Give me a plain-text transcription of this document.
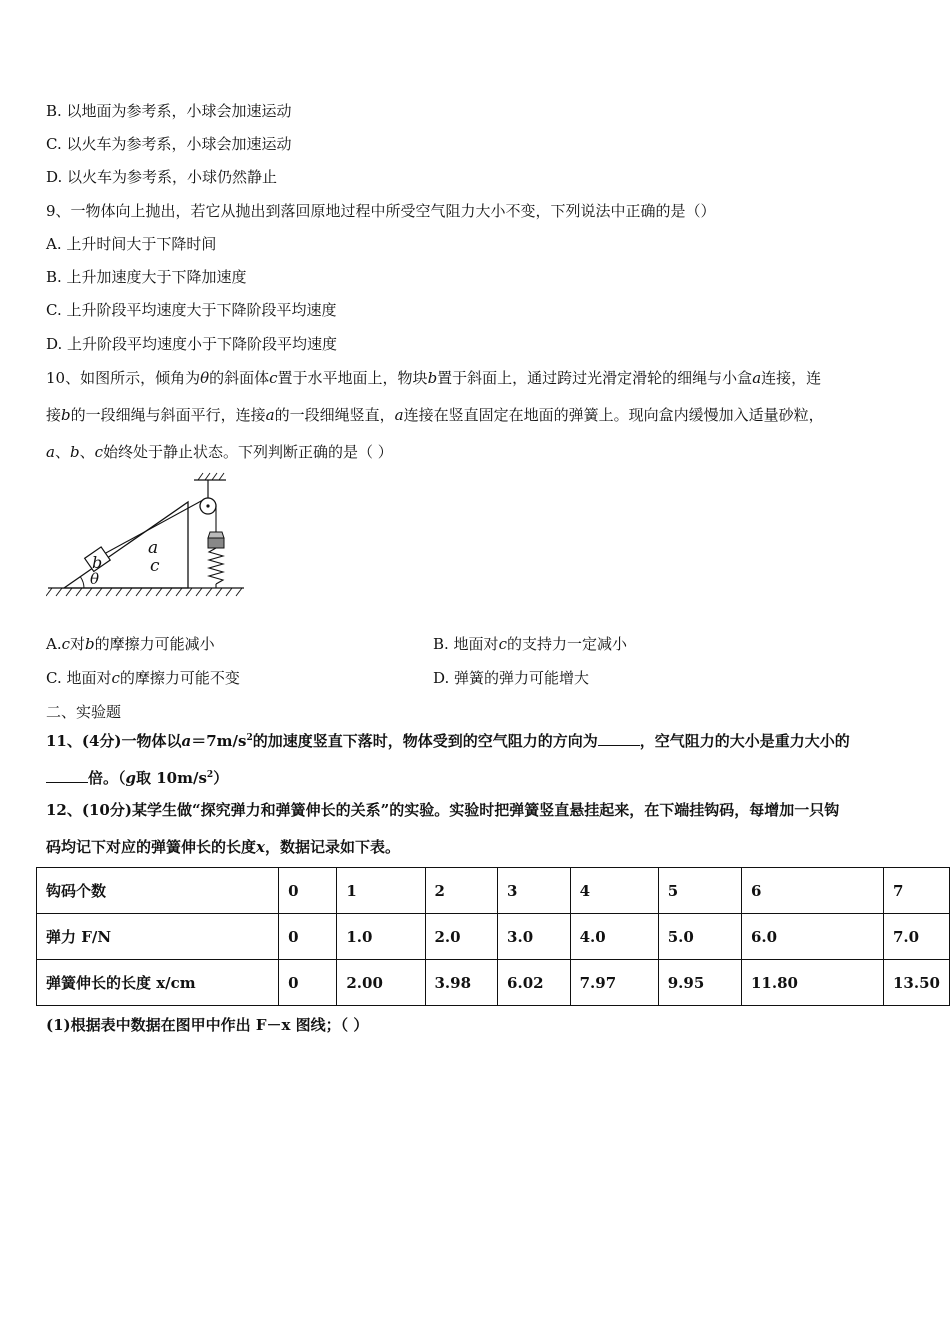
B. 以地面为参考系，小球会加速运动
C. 以火车为参考系，小球会加速运动
D. 以火车为参考系，小球仍然静止
9、一物体向上抛出，若它从抛出到落回原地过程中所受空气阻力大小不变，下列说法中正确的是（）
A. 上升时间大于下降时间
B. 上升加速度大于下降加速度
C. 上升阶段平均速度大于下降阶段平均速度
D. 上升阶段平均速度小于下降阶段平均速度
10、如图所示，倾角为θ的斜面体c置于水平地面上，物块b置于斜面上，通过跨过光滑定滑轮的细绳与小盒a连接，连
接b的一段细绳与斜面平行，连接a的一段细绳竖直，a连接在竖直固定在地面的弹簧上。现向盒内缓慢加入适量砂粒，
a、b、c始终处于静止状态。下列判断正确的是（ ）
a
b	c
θ
A.c对b的摩擦力可能减小	B. 地面对c的支持力一定减小
C. 地面对c的摩擦力可能不变	D. 弹簧的弹力可能增大
二、实验题
11、(4分)一物体以$a=7m/s^2$的加速度竖直下落时，物体受到的空气阻力的方向为	，空气阻力的大小是重力大小的
倍。（g取 $10m/s^2$）
12、(10分)某学生做“探究弹力和弹簧伸长的关系”的实验。实验时把弹簧竖直悬挂起来，在下端挂钩码，每增加一只钩
码均记下对应的弹簧伸长的长度x，数据记录如下表。
钩码个数	0	1	2	3	4	5	6	7
弹力 F/N	0	1.0	2.0	3.0	4.0	5.0	6.0	7.0
弹簧伸长的长度 x/cm	0	2.00	3.98	6.02	7.97	9.95	11.80	13.50
(1)根据表中数据在图甲中作出 F－x 图线；（ ）
